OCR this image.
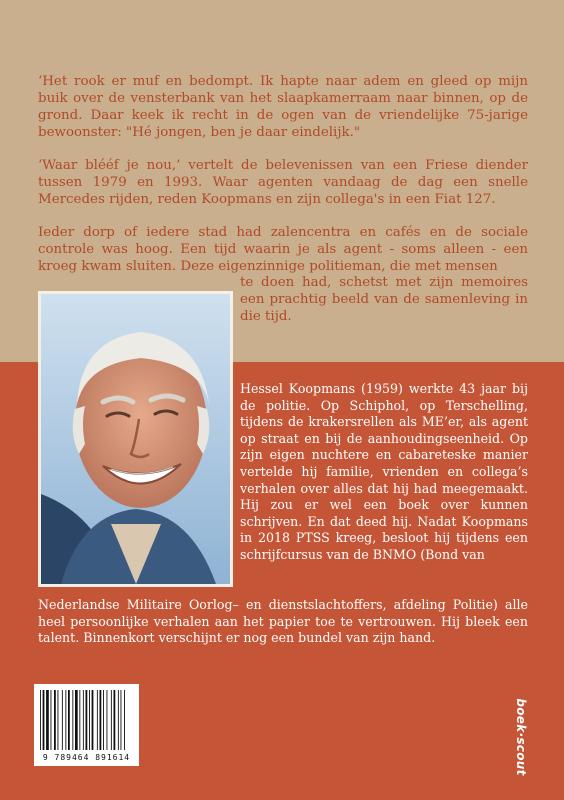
‘Het rook er muf en bedompt. Ik hapte naar adem en gleed op mijn buik over de vensterbank van het slaapkamerraam naar binnen, op de grond. Daar keek ik recht in de ogen van de vriendelijke 75-jarige bewoonster: "Hé jongen, ben je daar eindelijk."

‘Waar blééf je nou,’ vertelt de belevenissen van een Friese diender tussen 1979 en 1993. Waar agenten vandaag de dag een snelle Mercedes rijden, reden Koopmans en zijn collega's in een Fiat 127.

Ieder dorp of iedere stad had zalencentra en cafés en de sociale controle was hoog. Een tijd waarin je als agent - soms alleen - een kroeg kwam sluiten. Deze eigenzinnige politieman, die met mensen

te doen had, schetst met zijn memoires een prachtig beeld van de samenleving in die tijd.

Hessel Koopmans (1959) werkte 43 jaar bij de politie. Op Schiphol, op Terschelling, tijdens de krakersrellen als ME’er, als agent op straat en bij de aanhoudingseenheid. Op zijn eigen nuchtere en cabareteske manier vertelde hij familie, vrienden en collega’s verhalen over alles dat hij had meegemaakt. Hij zou er wel een boek over kunnen schrijven. En dat deed hij. Nadat Koopmans in 2018 PTSS kreeg, besloot hij tijdens een schrijfcursus van de BNMO (Bond van

Nederlandse Militaire Oorlog– en dienstslachtoffers, afdeling Politie) alle heel persoonlijke verhalen aan het papier toe te vertrouwen. Hij bleek een talent. Binnenkort verschijnt er nog een bundel van zijn hand.

9 789464 891614	boek·scout
